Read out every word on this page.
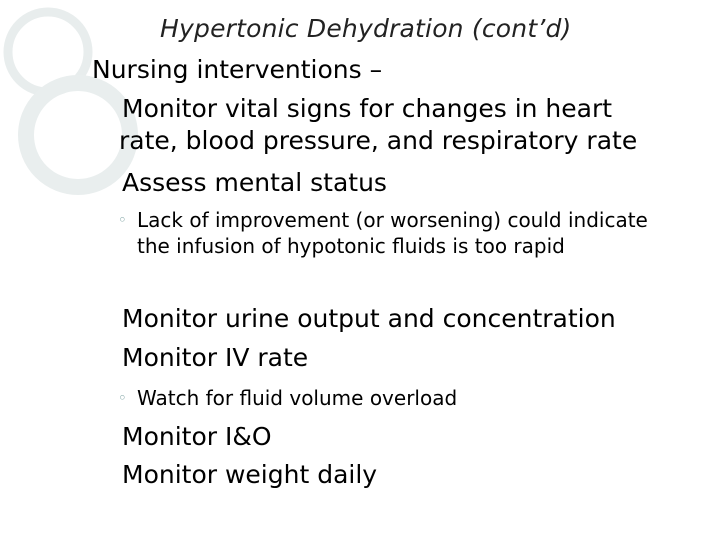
Hypertonic Dehydration (cont’d)
Nursing interventions –
Monitor vital signs for changes in heart
rate, blood pressure, and respiratory rate
Assess mental status
◦ Lack of improvement (or worsening) could indicate the infusion of hypotonic fluids is too rapid
Monitor urine output and concentration
Monitor IV rate
◦ Watch for fluid volume overload
Monitor I&O
Monitor weight daily
